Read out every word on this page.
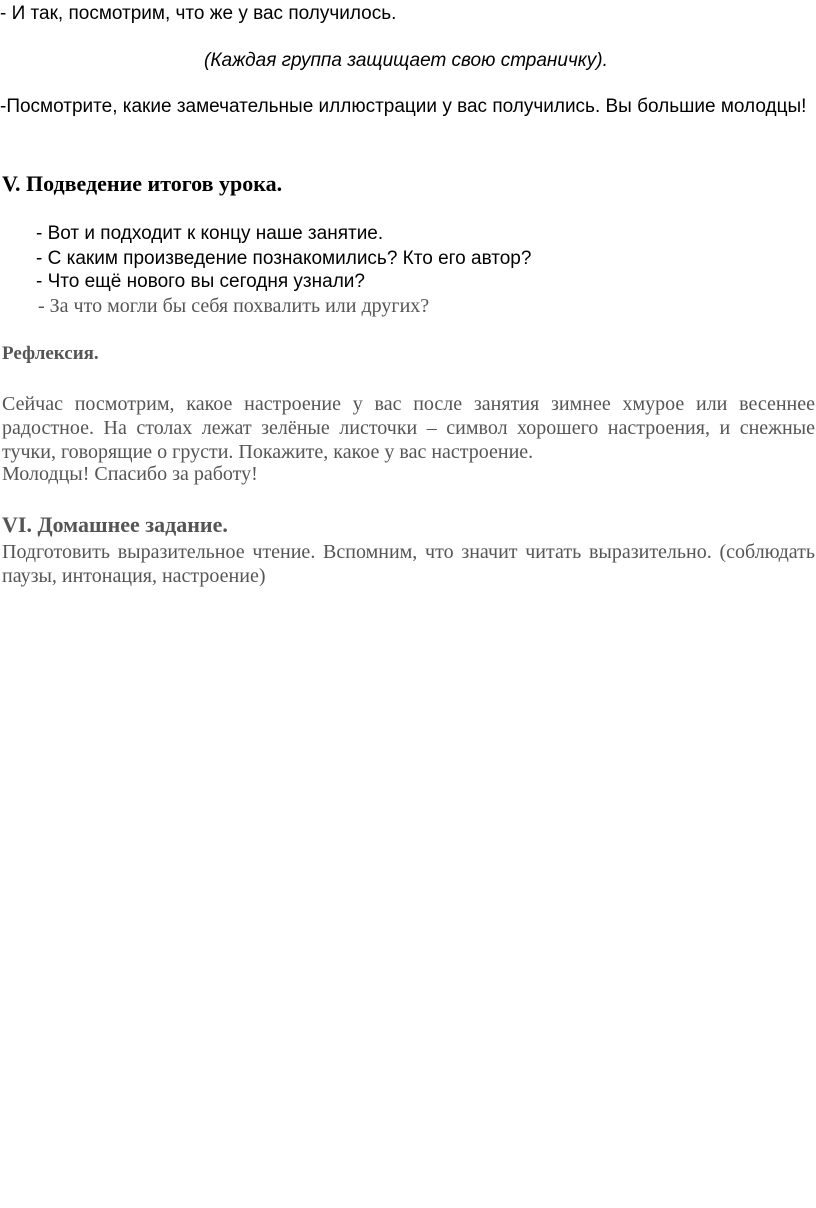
- И так, посмотрим, что же у вас получилось.

(Каждая группа защищает свою страничку).

-Посмотрите, какие замечательные иллюстрации у вас получились. Вы большие молодцы!

V. Подведение итогов урока.

- Вот и подходит к концу наше занятие.

- С каким произведение познакомились? Кто его автор?

- Что ещё нового вы сегодня узнали?

- За что могли бы себя похвалить или других?

Рефлексия.

Сейчас посмотрим, какое настроение у вас после занятия зимнее хмурое или весеннее радостное. На столах лежат зелёные листочки – символ хорошего настроения, и снежные тучки, говорящие о грусти. Покажите, какое у вас настроение.

Молодцы! Спасибо за работу!

VI. Домашнее задание.

Подготовить выразительное чтение. Вспомним, что значит читать выразительно. (соблюдать паузы, интонация, настроение)
